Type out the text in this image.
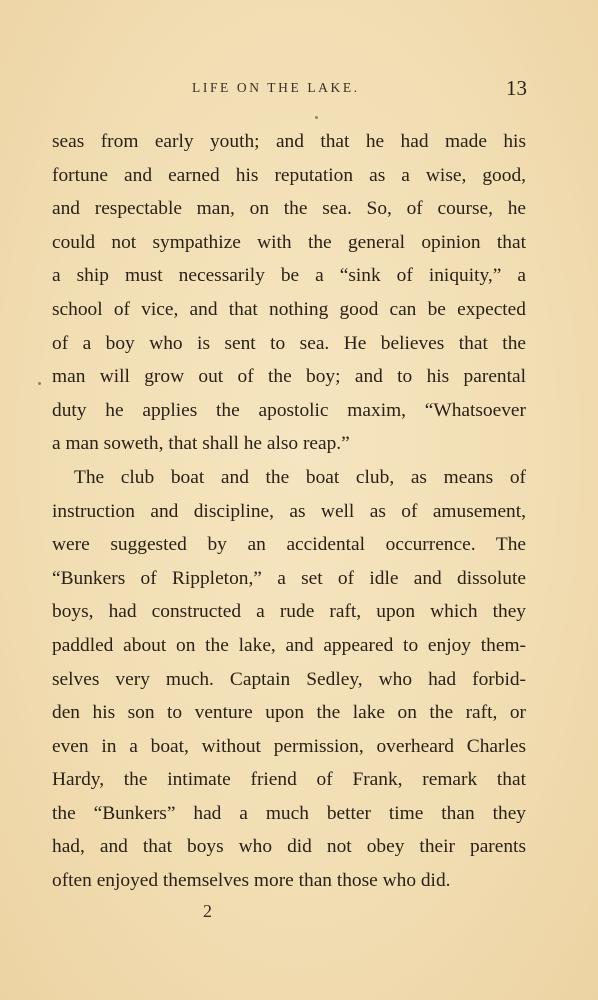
LIFE ON THE LAKE.	13
seas from early youth; and that he had made his
fortune and earned his reputation as a wise, good,
and respectable man, on the sea. So, of course, he
could not sympathize with the general opinion that
a ship must necessarily be a “sink of iniquity,” a
school of vice, and that nothing good can be expected
of a boy who is sent to sea. He believes that the
man will grow out of the boy; and to his parental
duty he applies the apostolic maxim, “Whatsoever
a man soweth, that shall he also reap.”
The club boat and the boat club, as means of
instruction and discipline, as well as of amusement,
were suggested by an accidental occurrence. The
“Bunkers of Rippleton,” a set of idle and dissolute
boys, had constructed a rude raft, upon which they
paddled about on the lake, and appeared to enjoy them-
selves very much. Captain Sedley, who had forbid-
den his son to venture upon the lake on the raft, or
even in a boat, without permission, overheard Charles
Hardy, the intimate friend of Frank, remark that
the “Bunkers” had a much better time than they
had, and that boys who did not obey their parents
often enjoyed themselves more than those who did.
2
